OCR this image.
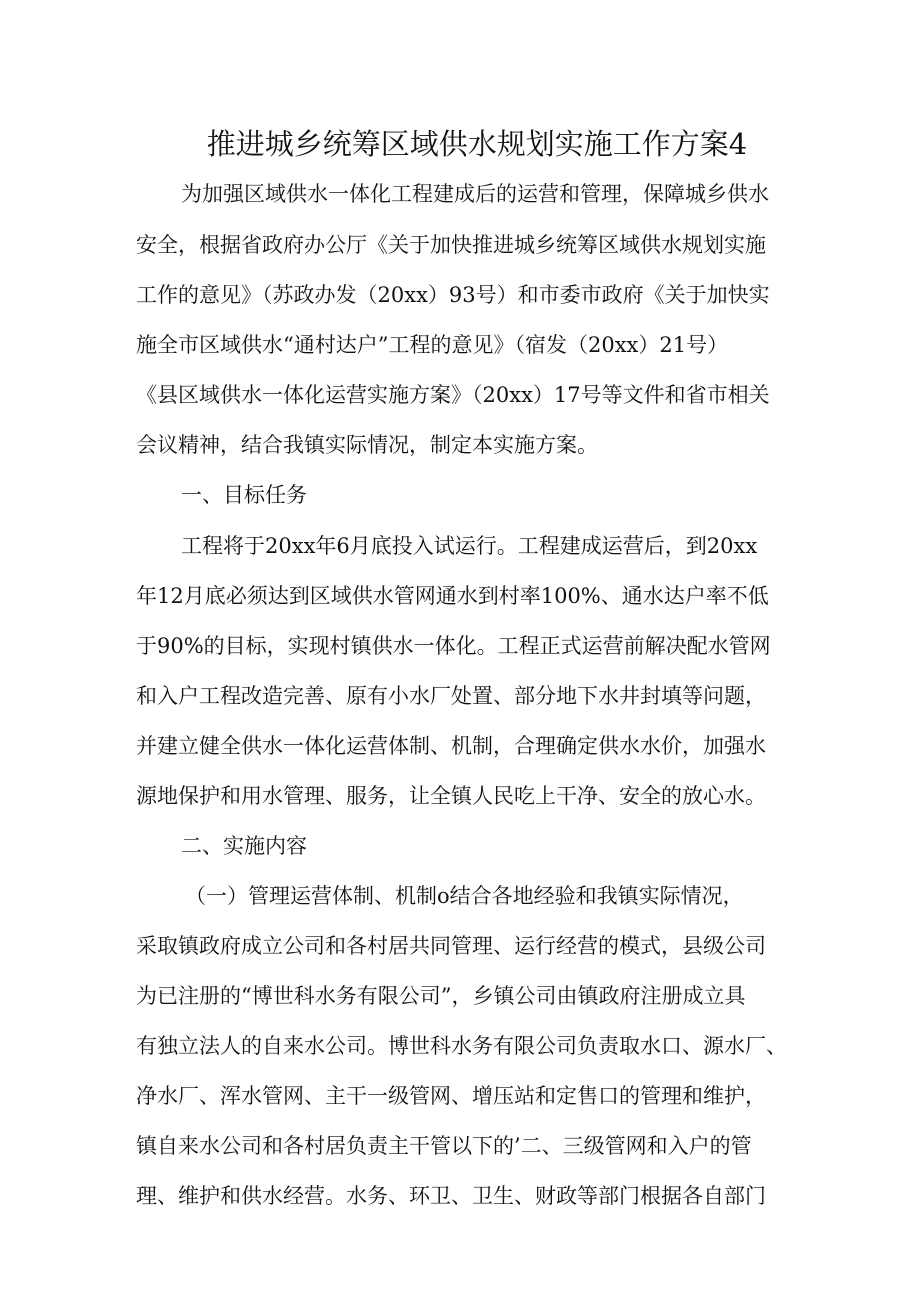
推进城乡统筹区域供水规划实施工作方案4

为加强区域供水一体化工程建成后的运营和管理，保障城乡供水

安全，根据省政府办公厅《关于加快推进城乡统筹区域供水规划实施

工作的意见》（苏政办发（20xx）93号）和市委市政府《关于加快实

施全市区域供水“通村达户”工程的意见》（宿发（20xx）21号）

《县区域供水一体化运营实施方案》（20xx）17号等文件和省市相关

会议精神，结合我镇实际情况，制定本实施方案。

一、目标任务

工程将于20xx年6月底投入试运行。工程建成运营后，到20xx

年12月底必须达到区域供水管网通水到村率100%、通水达户率不低

于90%的目标，实现村镇供水一体化。工程正式运营前解决配水管网

和入户工程改造完善、原有小水厂处置、部分地下水井封填等问题，

并建立健全供水一体化运营体制、机制，合理确定供水水价，加强水

源地保护和用水管理、服务，让全镇人民吃上干净、安全的放心水。

二、实施内容

（一）管理运营体制、机制o结合各地经验和我镇实际情况，

采取镇政府成立公司和各村居共同管理、运行经营的模式，县级公司

为已注册的“博世科水务有限公司”，乡镇公司由镇政府注册成立具

有独立法人的自来水公司。博世科水务有限公司负责取水口、源水厂、

净水厂、浑水管网、主干一级管网、增压站和定售口的管理和维护，

镇自来水公司和各村居负责主干管以下的’二、三级管网和入户的管

理、维护和供水经营。水务、环卫、卫生、财政等部门根据各自部门
